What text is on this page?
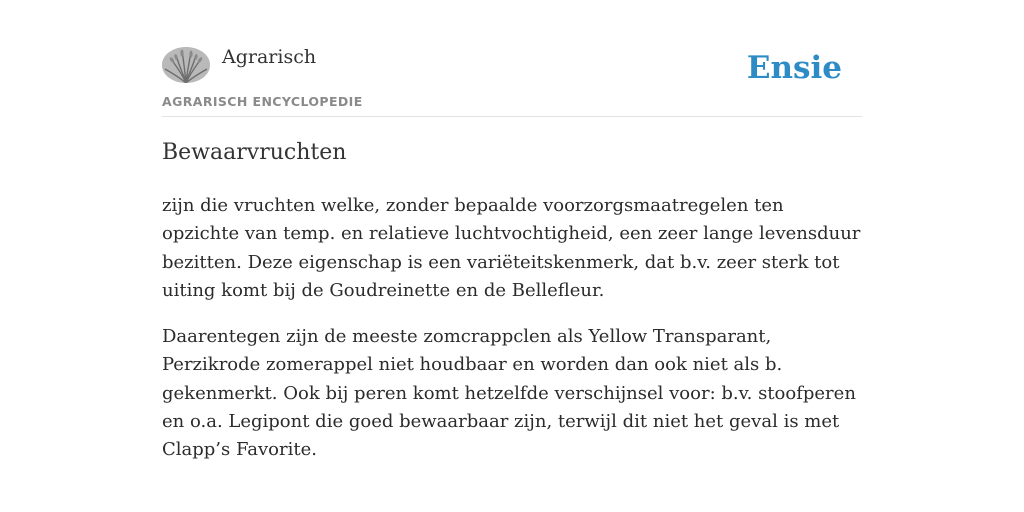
Agrarisch
AGRARISCH ENCYCLOPEDIE
Ensie
Bewaarvruchten

zijn die vruchten welke, zonder bepaalde voorzorgsmaatregelen ten opzichte van temp. en relatieve luchtvochtigheid, een zeer lange levensduur bezitten. Deze eigenschap is een variëteitskenmerk, dat b.v. zeer sterk tot uiting komt bij de Goudreinette en de Bellefleur.

Daarentegen zijn de meeste zomcrappclen als Yellow Transparant, Perzikrode zomerappel niet houdbaar en worden dan ook niet als b. gekenmerkt. Ook bij peren komt hetzelfde verschijnsel voor: b.v. stoofperen en o.a. Legipont die goed bewaarbaar zijn, terwijl dit niet het geval is met Clapp’s Favorite.
